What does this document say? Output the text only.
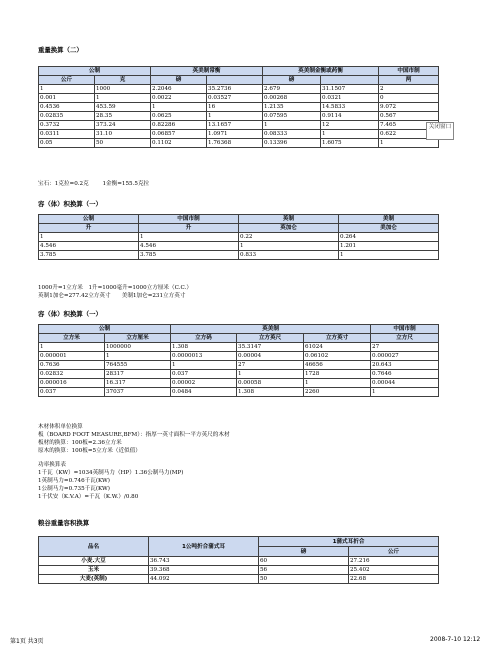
重量换算（二）
公制		英美制常衡		英美制金衡或药衡		中国市制
公斤	克	磅		磅		两
1	1000	2.2046	35.2736	2.679	31.1507	2
0.001	1	0.0022	0.03527	0.00268	0.0321	0
0.4536	453.59	1	16	1.2135	14.5833	9.072
0.02835	28.35	0.0625	1	0.07595	0.9114	0.567
0.3732	373.24	0.82286	13.1657	1	12	7.465
0.0311	31.10	0.06857	1.0971	0.08333	1	0.622
0.05	50	0.1102	1.76368	0.13396	1.6075	1
关闭窗口
宝石：1克拉=0.2克 1金衡=155.5克拉
容（体）积换算（一）
公制	中国市制	英制	美制
升	升	英加仑	美加仑
1	1	0.22	0.264
4.546	4.546	1	1.201
3.785	3.785	0.833	1
1000升=1立方米　1升=1000毫升=1000立方厘米（C.C.）
英制1加仑=277.42立方英寸　　美制1加仑=231立方英寸
容（体）积换算（一）
公制		英美制			中国市制
立方米	立方厘米	立方码	立方英尺	立方英寸	立方尺
1	1000000	1.308	35.3147	61024	27
0.000001	1	0.0000013	0.00004	0.06102	0.000027
0.7636	764555	1	27	46656	20.643
0.02832	28317	0.037	1	1728	0.7646
0.000016	16.317	0.00002	0.00058	1	0.00044
0.037	37037	0.0484	1.308	2260	1
木材体积单位换算
板（BOARD FOOT MEASURE,BFM）：指厚一英寸面积一平方英尺的木材
板材的换算：100板=2.36立方米
原木的换算：100板=5立方米（近似值）
功率换算表
1千瓦（KW）=1034英制马力（HP）1.36公制马力(MP)
1英制马力=0.746千瓦(KW)
1公制马力=0.735千瓦(KW)
1千伏安（K.V.A）=千瓦（K.W.）/0.80
粮谷重量容积换算
品名	1公吨折合蒲式耳	1蒲式耳折合	
		磅	公斤
小麦.大豆	36.743	60	27.216
玉米	39.368	56	25.402
大麦(英制)	44.092	50	22.68
第1页 共3页	2008-7-10 12:12
